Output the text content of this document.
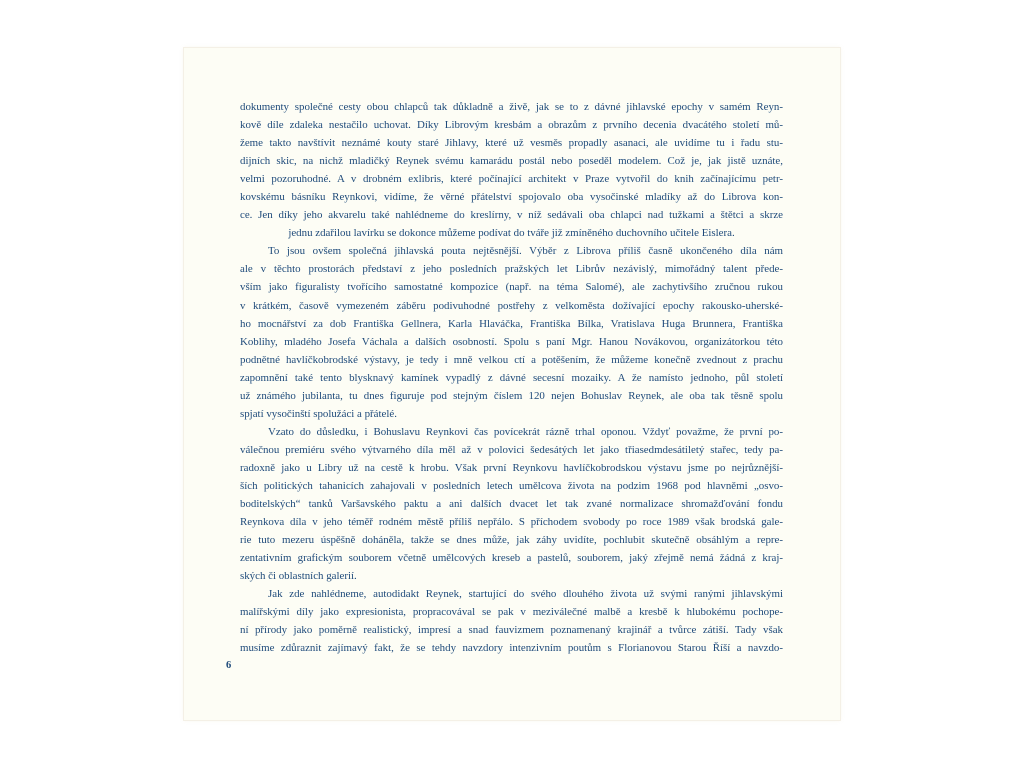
dokumenty společné cesty obou chlapců tak důkladně a živě, jak se to z dávné jihlavské epochy v samém Reyn-
kově díle zdaleka nestačilo uchovat. Díky Librovým kresbám a obrazům z prvního decenia dvacátého století mů-
žeme takto navštívit neznámé kouty staré Jihlavy, které už vesměs propadly asanaci, ale uvidíme tu i řadu stu-
dijních skic, na nichž mladičký Reynek svému kamarádu postál nebo poseděl modelem. Což je, jak jistě uznáte,
velmi pozoruhodné. A v drobném exlibris, které počínající architekt v Praze vytvořil do knih začínajícímu petr-
kovskému básníku Reynkovi, vidíme, že věrné přátelství spojovalo oba vysočinské mladíky až do Librova kon-
ce. Jen díky jeho akvarelu také nahlédneme do kreslírny, v níž sedávali oba chlapci nad tužkami a štětci a skrze
jednu zdařilou lavírku se dokonce můžeme podívat do tváře již zmíněného duchovního učitele Eislera.

To jsou ovšem společná jihlavská pouta nejtěsnější. Výběr z Librova příliš časně ukončeného díla nám
ale v těchto prostorách představí z jeho posledních pražských let Librův nezávislý, mimořádný talent přede-
vším jako figuralisty tvořícího samostatné kompozice (např. na téma Salomé), ale zachytivšího zručnou rukou
v krátkém, časově vymezeném záběru podivuhodné postřehy z velkoměsta dožívající epochy rakousko-uherské-
ho mocnářství za dob Františka Gellnera, Karla Hlaváčka, Františka Bílka, Vratislava Huga Brunnera, Františka
Koblihy, mladého Josefa Váchala a dalších osobností. Spolu s paní Mgr. Hanou Novákovou, organizátorkou této
podnětné havlíčkobrodské výstavy, je tedy i mně velkou ctí a potěšením, že můžeme konečně zvednout z prachu
zapomnění také tento blysknavý kamínek vypadlý z dávné secesní mozaiky. A že namísto jednoho, půl století
už známého jubilanta, tu dnes figuruje pod stejným číslem 120 nejen Bohuslav Reynek, ale oba tak těsně spolu
spjatí vysočinští spolužáci a přátelé.

Vzato do důsledku, i Bohuslavu Reynkovi čas povícekrát rázně trhal oponou. Vždyť považme, že první po-
válečnou premiéru svého výtvarného díla měl až v polovici šedesátých let jako třiasedmdesátiletý stařec, tedy pa-
radoxně jako u Libry už na cestě k hrobu. Však první Reynkovu havlíčkobrodskou výstavu jsme po nejrůznější-
ších politických tahanicích zahajovali v posledních letech umělcova života na podzim 1968 pod hlavněmi „osvo-
boditelských“ tanků Varšavského paktu a ani dalších dvacet let tak zvané normalizace shromažďování fondu
Reynkova díla v jeho téměř rodném městě příliš nepřálo. S příchodem svobody po roce 1989 však brodská gale-
rie tuto mezeru úspěšně doháněla, takže se dnes může, jak záhy uvidíte, pochlubit skutečně obsáhlým a repre-
zentativním grafickým souborem včetně umělcových kreseb a pastelů, souborem, jaký zřejmě nemá žádná z kraj-
ských či oblastních galerií.

Jak zde nahlédneme, autodidakt Reynek, startující do svého dlouhého života už svými ranými jihlavskými
malířskými díly jako expresionista, propracovával se pak v meziválečné malbě a kresbě k hlubokému pochope-
ní přírody jako poměrně realistický, impresí a snad fauvizmem poznamenaný krajinář a tvůrce zátiší. Tady však
musíme zdůraznit zajímavý fakt, že se tehdy navzdory intenzivním poutům s Florianovou Starou Říší a navzdo-

6
